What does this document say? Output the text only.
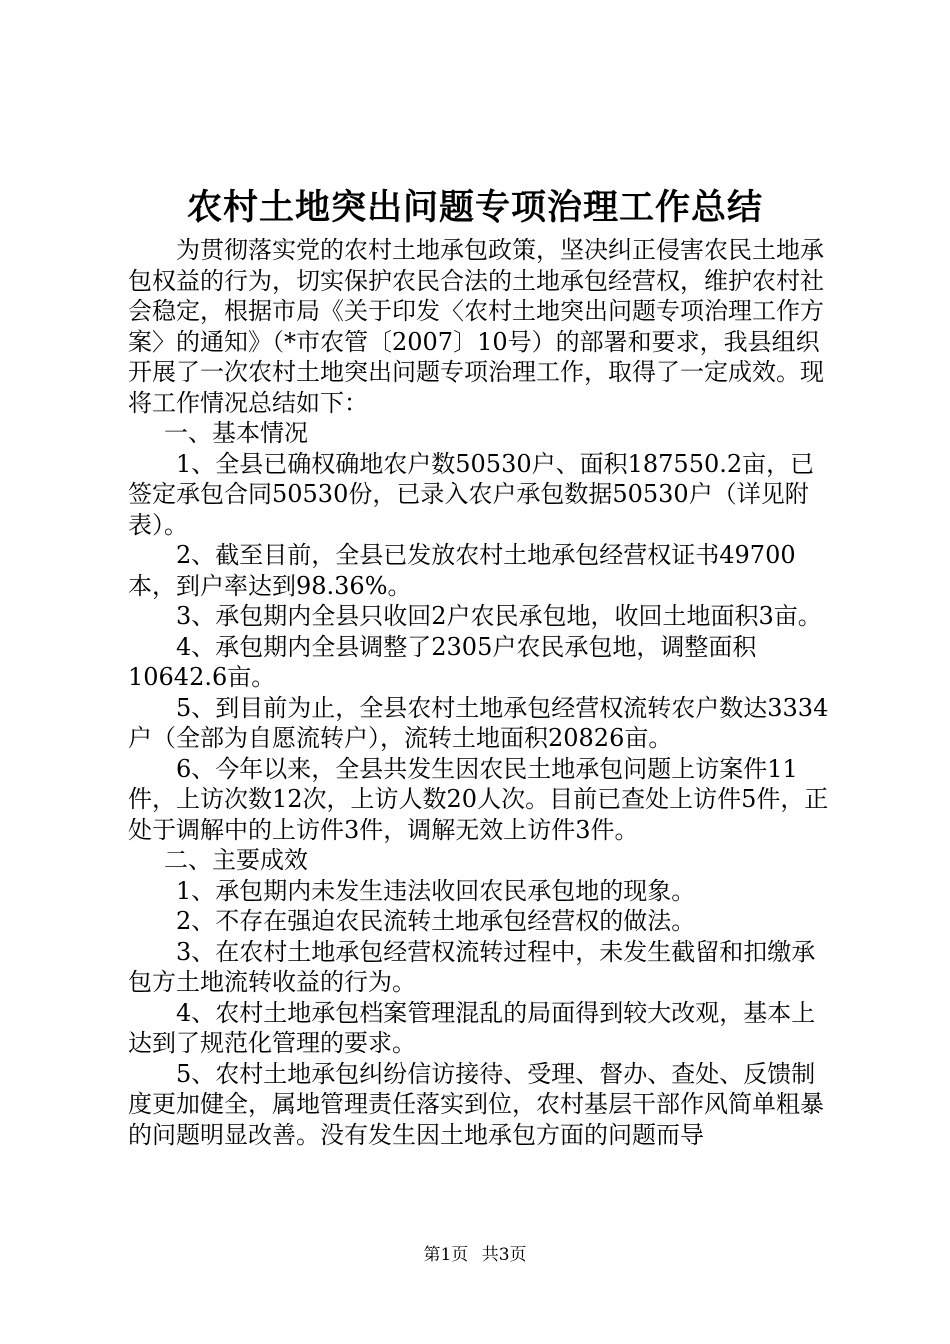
农村土地突出问题专项治理工作总结

为贯彻落实党的农村土地承包政策，坚决纠正侵害农民土地承包权益的行为，切实保护农民合法的土地承包经营权，维护农村社会稳定，根据市局《关于印发〈农村土地突出问题专项治理工作方案〉的通知》（*市农管〔2007〕10号）的部署和要求，我县组织开展了一次农村土地突出问题专项治理工作，取得了一定成效。现将工作情况总结如下：

一、基本情况

1、全县已确权确地农户数50530户、面积187550.2亩，已签定承包合同50530份，已录入农户承包数据50530户（详见附表）。

2、截至目前，全县已发放农村土地承包经营权证书49700本，到户率达到98.36%。

3、承包期内全县只收回2户农民承包地，收回土地面积3亩。

4、承包期内全县调整了2305户农民承包地，调整面积10642.6亩。

5、到目前为止，全县农村土地承包经营权流转农户数达3334户（全部为自愿流转户），流转土地面积20826亩。

6、今年以来，全县共发生因农民土地承包问题上访案件11件，上访次数12次，上访人数20人次。目前已查处上访件5件，正处于调解中的上访件3件，调解无效上访件3件。

二、主要成效

1、承包期内未发生违法收回农民承包地的现象。

2、不存在强迫农民流转土地承包经营权的做法。

3、在农村土地承包经营权流转过程中，未发生截留和扣缴承包方土地流转收益的行为。

4、农村土地承包档案管理混乱的局面得到较大改观，基本上达到了规范化管理的要求。

5、农村土地承包纠纷信访接待、受理、督办、查处、反馈制度更加健全，属地管理责任落实到位，农村基层干部作风简单粗暴的问题明显改善。没有发生因土地承包方面的问题而导

第1页 共3页
